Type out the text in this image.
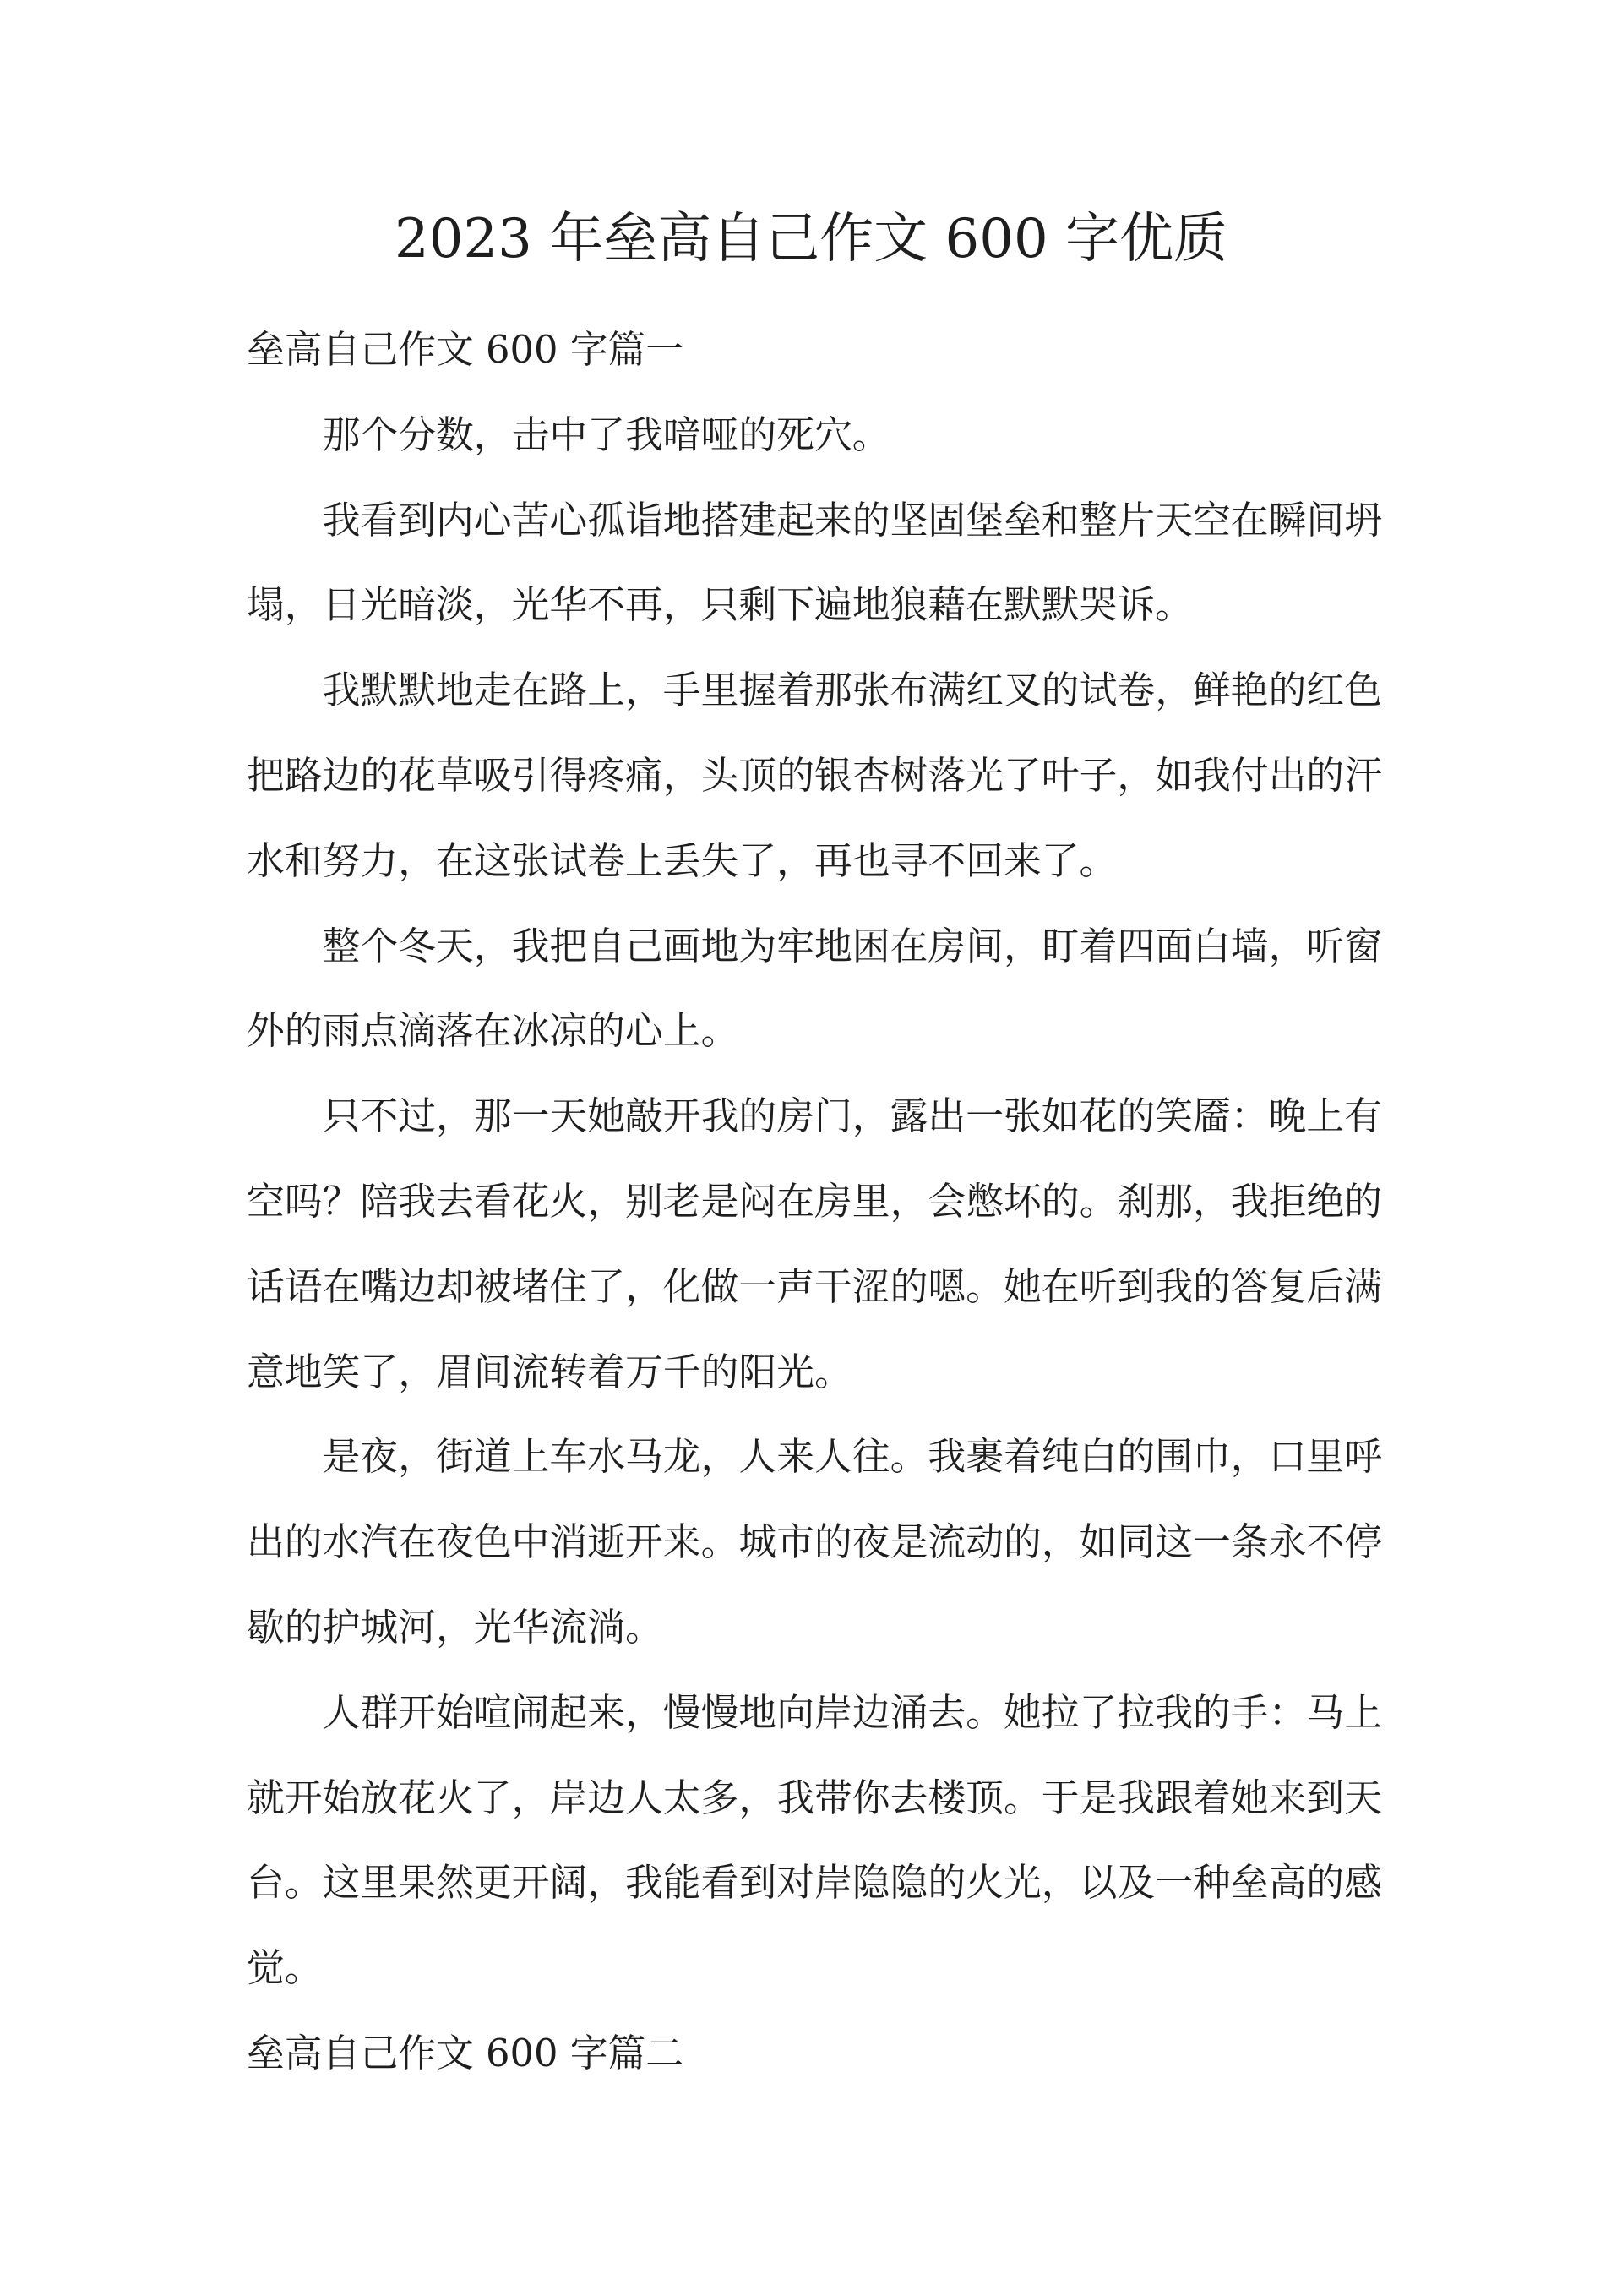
2023 年垒高自己作文 600 字优质
垒高自己作文 600 字篇一

那个分数，击中了我喑哑的死穴。

我看到内心苦心孤诣地搭建起来的坚固堡垒和整片天空在瞬间坍塌，日光暗淡，光华不再，只剩下遍地狼藉在默默哭诉。

我默默地走在路上，手里握着那张布满红叉的试卷，鲜艳的红色把路边的花草吸引得疼痛，头顶的银杏树落光了叶子，如我付出的汗水和努力，在这张试卷上丢失了，再也寻不回来了。

整个冬天，我把自己画地为牢地困在房间，盯着四面白墙，听窗外的雨点滴落在冰凉的心上。

只不过，那一天她敲开我的房门，露出一张如花的笑靥：晚上有空吗？陪我去看花火，别老是闷在房里，会憋坏的。刹那，我拒绝的话语在嘴边却被堵住了，化做一声干涩的嗯。她在听到我的答复后满意地笑了，眉间流转着万千的阳光。

是夜，街道上车水马龙，人来人往。我裹着纯白的围巾，口里呼出的水汽在夜色中消逝开来。城市的夜是流动的，如同这一条永不停歇的护城河，光华流淌。

人群开始喧闹起来，慢慢地向岸边涌去。她拉了拉我的手：马上就开始放花火了，岸边人太多，我带你去楼顶。于是我跟着她来到天台。这里果然更开阔，我能看到对岸隐隐的火光，以及一种垒高的感觉。

垒高自己作文 600 字篇二
